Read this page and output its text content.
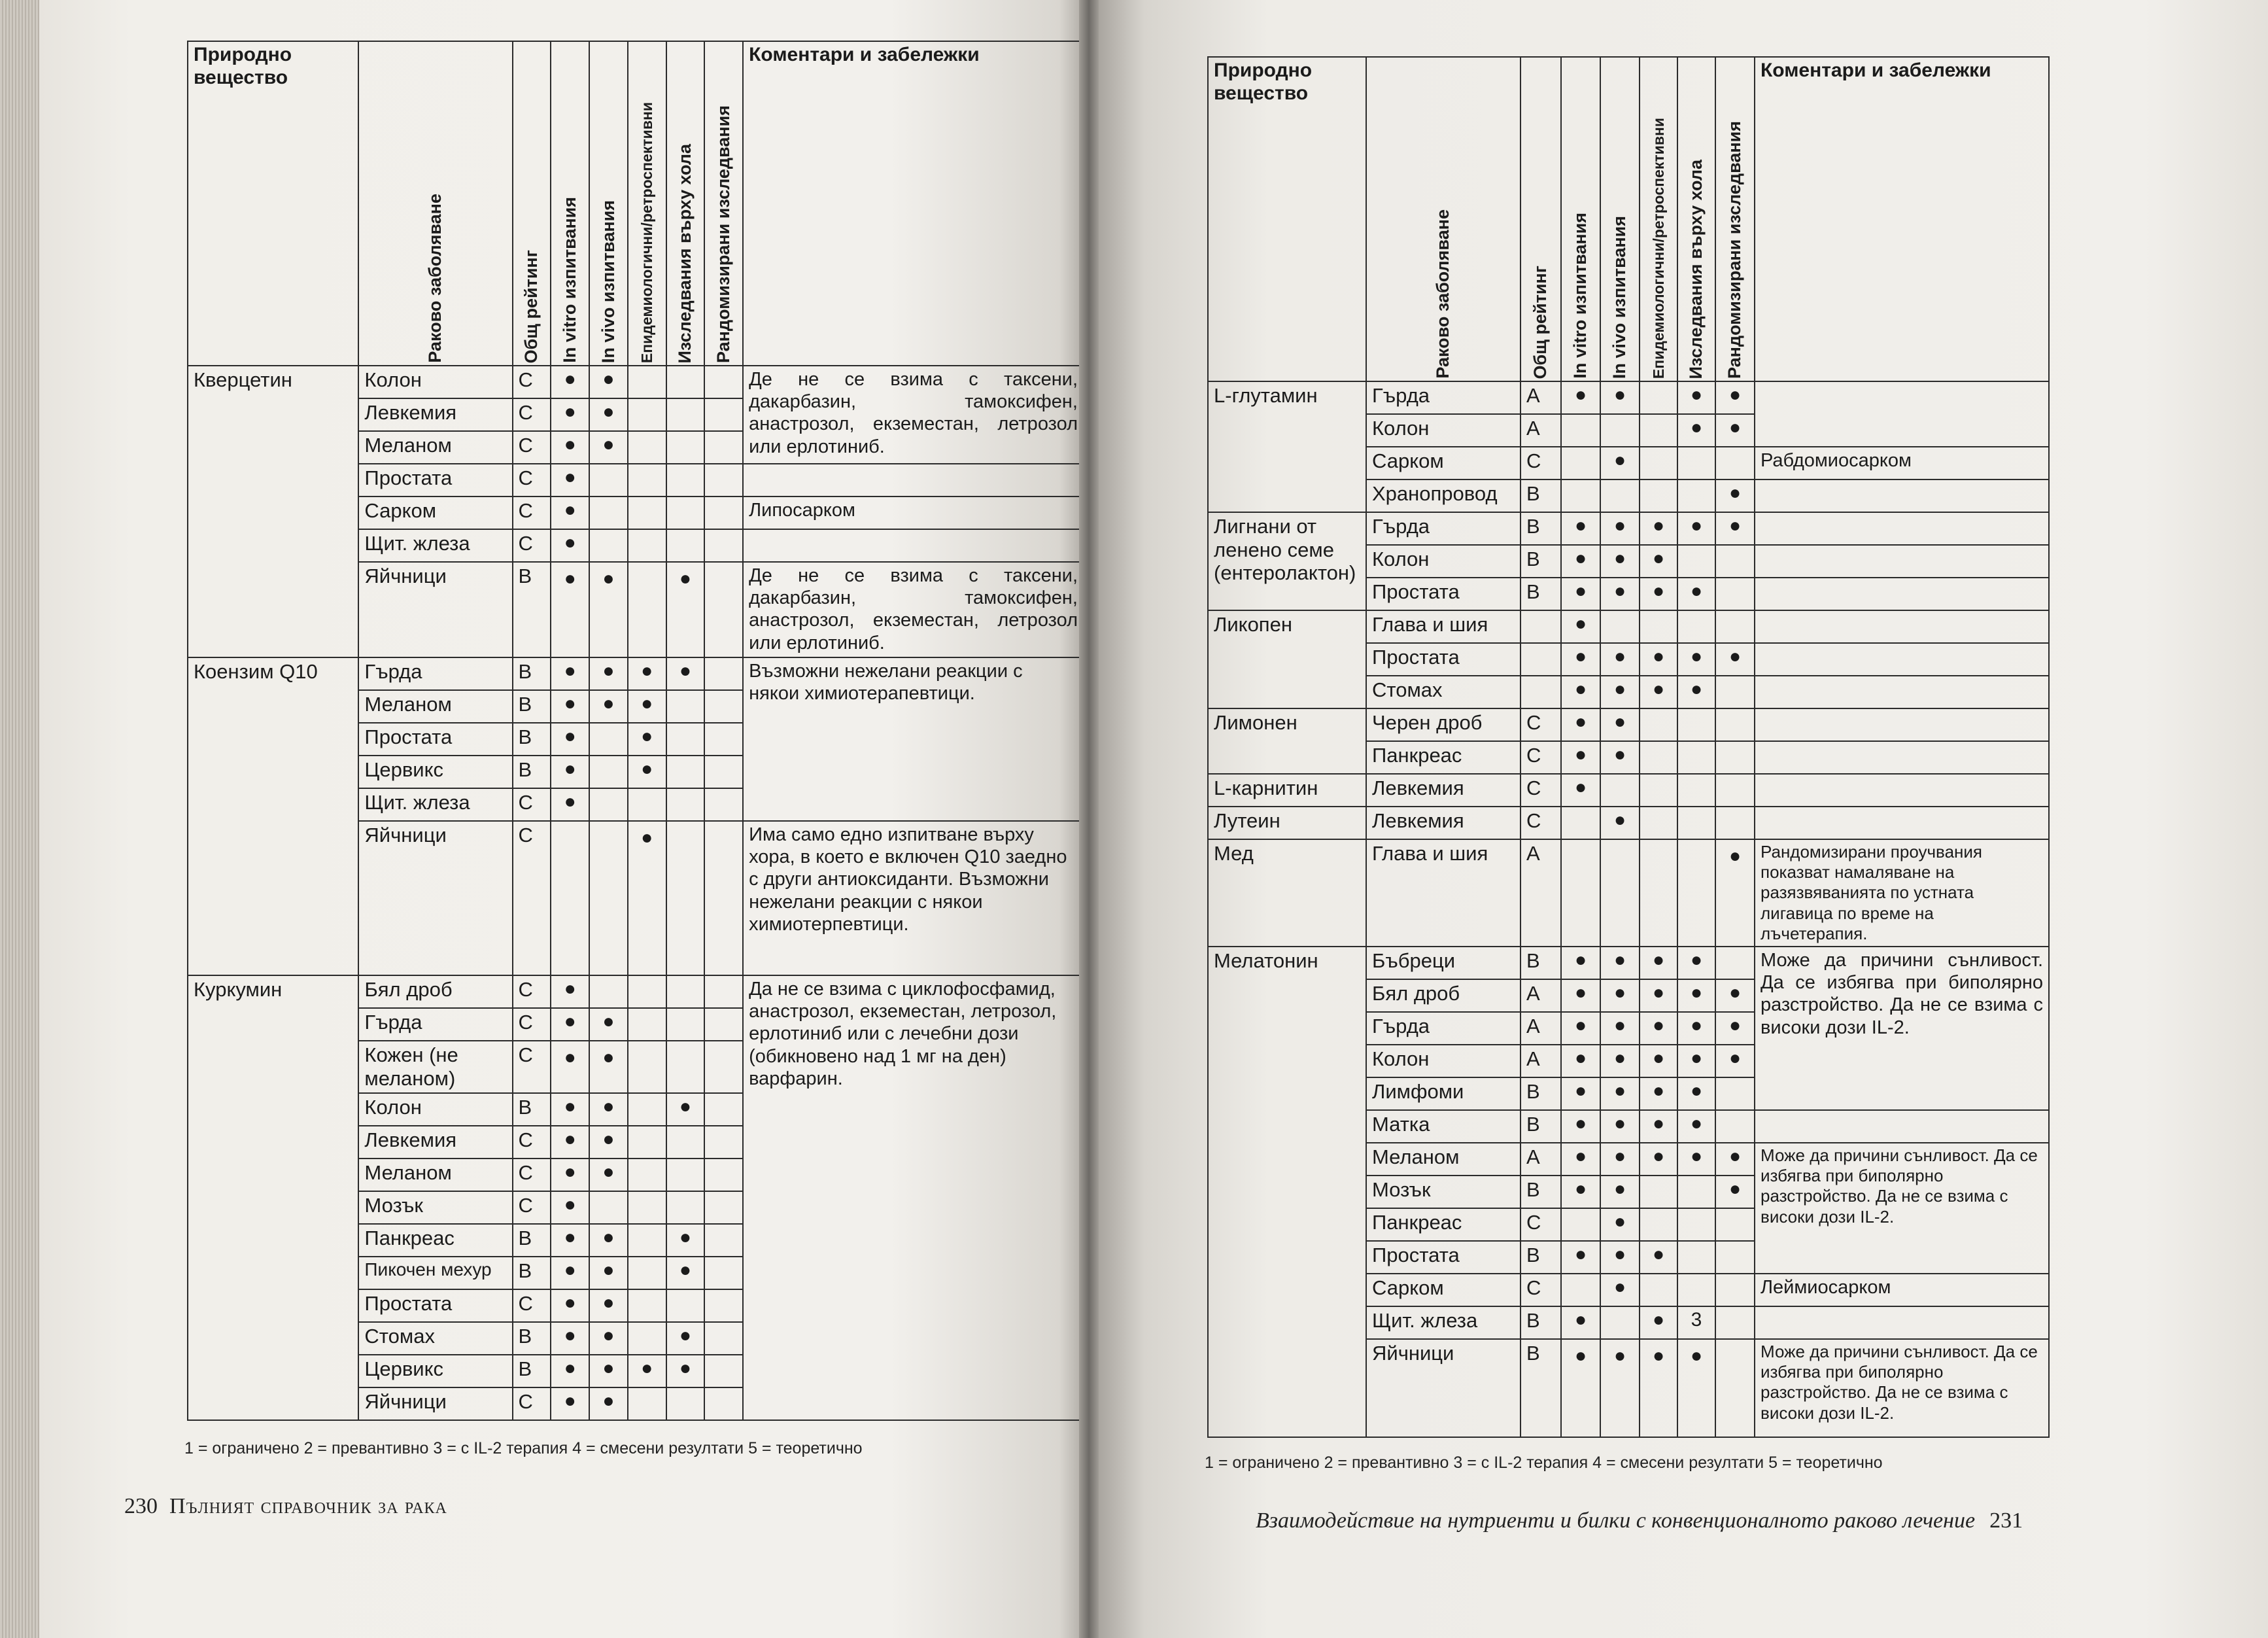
Природно вещество	Раково заболяване	Общ рейтинг	In vitro изпитвания	In vivo изпитвания	Епидемиологични/ретроспективни	Изследвания върху хола	Рандомизирани изследвания	Коментари и забележки
Кверцетин	Колон	С	●	●				Де не се взима с таксени, дакарбазин, тамоксифен, анастрозол, екземестан, летрозол или ерлотиниб.
	Левкемия	С	●	●				
	Меланом	С	●	●				
	Простата	С	●					
	Сарком	С	●					Липосарком
	Щит. жлеза	С	●					
	Яйчници	В	●	●		●		Де не се взима с таксени, дакарбазин, тамоксифен, анастрозол, екземестан, летрозол или ерлотиниб.
Коензим Q10	Гърда	В	●	●	●	●		Възможни нежелани реакции с някои химиотерапевтици.
	Меланом	В	●	●	●			
	Простата	В	●		●			
	Цервикс	В	●		●			
	Щит. жлеза	С	●					
	Яйчници	С			●			Има само едно изпитване върху хора, в което е включен Q10 заедно с други антиоксиданти. Възможни нежелани реакции с някои химиотерпевтици.
Куркумин	Бял дроб	С	●					Да не се взима с циклофосфамид, анастрозол, екземестан, летрозол, ерлотиниб или с лечебни дози (обикновено над 1 мг на ден) варфарин.
	Гърда	С	●	●				
	Кожен (не меланом)	С	●	●				
	Колон	В	●	●		●		
	Левкемия	С	●	●				
	Меланом	С	●	●				
	Мозък	С	●					
	Панкреас	В	●	●		●		
	Пикочен мехур	В	●	●		●		
	Простата	С	●	●				
	Стомах	В	●	●		●		
	Цервикс	В	●	●	●	●		
	Яйчници	С	●	●				
1 = ограничено 2 = превантивно 3 = с IL-2 терапия 4 = смесени резултати 5 = теоретично
230 Пълният справочник за рака
Природно вещество	Раково заболяване	Общ рейтинг	In vitro изпитвания	In vivo изпитвания	Епидемиологични/ретроспективни	Изследвания върху хола	Рандомизирани изследвания	Коментари и забележки
L-глутамин	Гърда	А	●	●		●	●	
	Колон	А				●	●	
	Сарком	С		●				Рабдомиосарком
	Хранопровод	В					●	
Лигнани от ленено семе (ентеролактон)	Гърда	В	●	●	●	●	●	
	Колон	В	●	●	●			
	Простата	В	●	●	●	●		
Ликопен	Глава и шия		●					
	Простата		●	●	●	●	●	
	Стомах		●	●	●	●		
Лимонен	Черен дроб	С	●	●				
	Панкреас	С	●	●				
L-карнитин	Левкемия	С	●					
Лутеин	Левкемия	С		●				
Мед	Глава и шия	А					●	Рандомизирани проучвания показват намаляване на разязвяванията по устната лигавица по време на лъчетерапия.
Мелатонин	Бъбреци	В	●	●	●	●		Може да причини сънливост. Да се избягва при биполярно разстройство. Да не се взима с високи дози IL-2.
	Бял дроб	А	●	●	●	●	●	
	Гърда	А	●	●	●	●	●	
	Колон	А	●	●	●	●	●	
	Лимфоми	В	●	●	●	●		
	Матка	В	●	●	●	●		
	Меланом	А	●	●	●	●	●	Може да причини сънливост. Да се избягва при биполярно разстройство. Да не се взима с високи дози IL-2.
	Мозък	В	●	●			●	
	Панкреас	С		●				
	Простата	В	●	●	●			
	Сарком	С		●				Леймиосарком
	Щит. жлеза	В	●		●	3		
	Яйчници	В	●	●	●	●		Може да причини сънливост. Да се избягва при биполярно разстройство. Да не се взима с високи дози IL-2.
1 = ограничено 2 = превантивно 3 = с IL-2 терапия 4 = смесени резултати 5 = теоретично
Взаимодействие на нутриенти и билки с конвенционалното раково лечение 231
